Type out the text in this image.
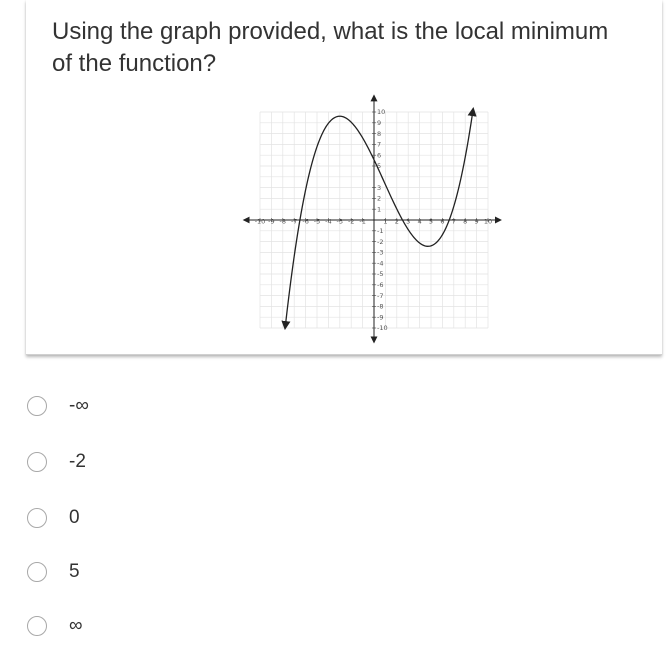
Using the graph provided, what is the local minimum of the function?

-10 -9 -8 -7 -6 -5 -4 -3 -2 -1	1 2 3 4 5 6 7 8 9 10
10
9
8
7
6
5
3
2
1
-1
-2
-3
-4
-5
-6
-7
-8
-9
-10
-∞
-2
0
5
∞
